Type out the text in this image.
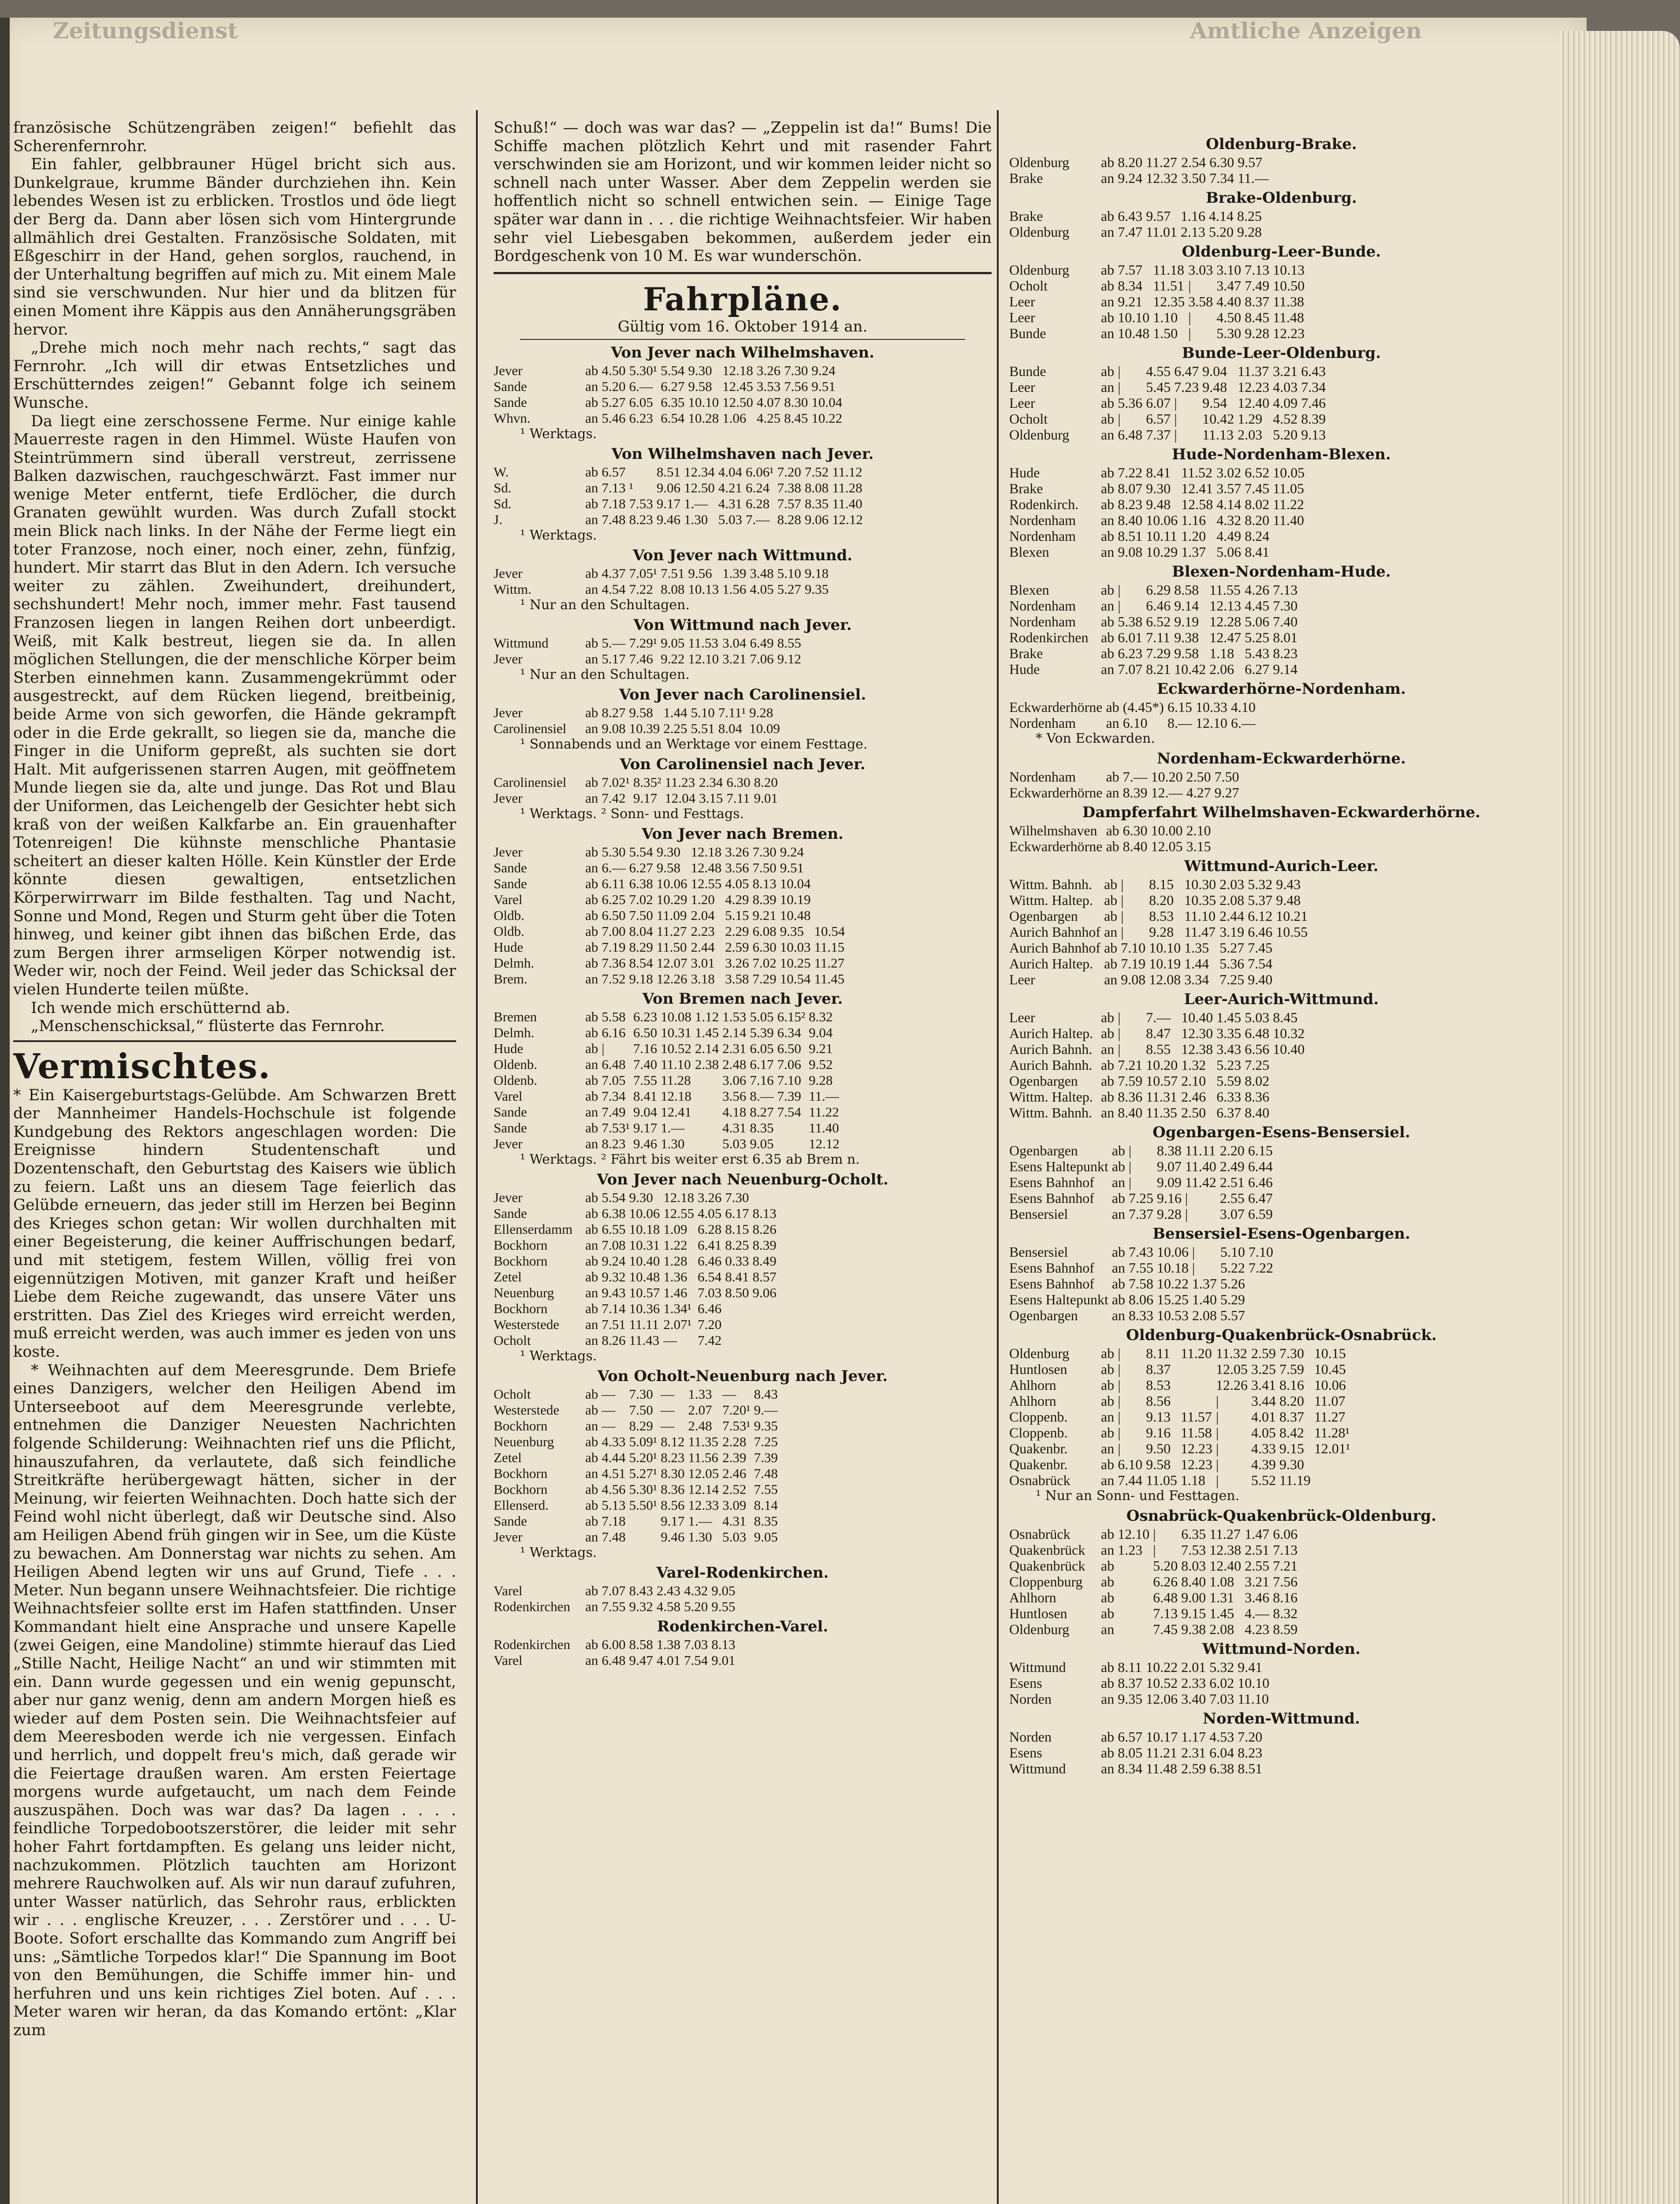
Zeitungsdienst	Amtliche Anzeigen

französische Schützengräben zeigen!“ befiehlt das Scherenfernrohr.

Ein fahler, gelbbrauner Hügel bricht sich aus. Dunkelgraue, krumme Bänder durchziehen ihn. Kein lebendes Wesen ist zu erblicken. Trostlos und öde liegt der Berg da. Dann aber lösen sich vom Hintergrunde allmählich drei Gestalten. Französische Soldaten, mit Eßgeschirr in der Hand, gehen sorglos, rauchend, in der Unterhaltung begriffen auf mich zu. Mit einem Male sind sie verschwunden. Nur hier und da blitzen für einen Moment ihre Käppis aus den Annäherungsgräben hervor.

„Drehe mich noch mehr nach rechts,“ sagt das Fernrohr. „Ich will dir etwas Entsetzliches und Erschütterndes zeigen!“ Gebannt folge ich seinem Wunsche.

Da liegt eine zerschossene Ferme. Nur einige kahle Mauerreste ragen in den Himmel. Wüste Haufen von Steintrümmern sind überall verstreut, zerrissene Balken dazwischen, rauchgeschwärzt. Fast immer nur wenige Meter entfernt, tiefe Erdlöcher, die durch Granaten gewühlt wurden. Was durch Zufall stockt mein Blick nach links. In der Nähe der Ferme liegt ein toter Franzose, noch einer, noch einer, zehn, fünfzig, hundert. Mir starrt das Blut in den Adern. Ich versuche weiter zu zählen. Zweihundert, dreihundert, sechshundert! Mehr noch, immer mehr. Fast tausend Franzosen liegen in langen Reihen dort unbeerdigt. Weiß, mit Kalk bestreut, liegen sie da. In allen möglichen Stellungen, die der menschliche Körper beim Sterben einnehmen kann. Zusammengekrümmt oder ausgestreckt, auf dem Rücken liegend, breitbeinig, beide Arme von sich geworfen, die Hände gekrampft oder in die Erde gekrallt, so liegen sie da, manche die Finger in die Uniform gepreßt, als suchten sie dort Halt. Mit aufgerissenen starren Augen, mit geöffnetem Munde liegen sie da, alte und junge. Das Rot und Blau der Uniformen, das Leichengelb der Gesichter hebt sich kraß von der weißen Kalkfarbe an. Ein grauenhafter Totenreigen! Die kühnste menschliche Phantasie scheitert an dieser kalten Hölle. Kein Künstler der Erde könnte diesen gewaltigen, entsetzlichen Körperwirrwarr im Bilde festhalten. Tag und Nacht, Sonne und Mond, Regen und Sturm geht über die Toten hinweg, und keiner gibt ihnen das bißchen Erde, das zum Bergen ihrer armseligen Körper notwendig ist. Weder wir, noch der Feind. Weil jeder das Schicksal der vielen Hunderte teilen müßte.

Ich wende mich erschütternd ab.

„Menschenschicksal,“ flüsterte das Fernrohr.

Vermischtes.

* Ein Kaisergeburtstags-Gelübde. Am Schwarzen Brett der Mannheimer Handels-Hochschule ist folgende Kundgebung des Rektors angeschlagen worden: Die Ereignisse hindern Studentenschaft und Dozentenschaft, den Geburtstag des Kaisers wie üblich zu feiern. Laßt uns an diesem Tage feierlich das Gelübde erneuern, das jeder still im Herzen bei Beginn des Krieges schon getan: Wir wollen durchhalten mit einer Begeisterung, die keiner Auffrischungen bedarf, und mit stetigem, festem Willen, völlig frei von eigennützigen Motiven, mit ganzer Kraft und heißer Liebe dem Reiche zugewandt, das unsere Väter uns erstritten. Das Ziel des Krieges wird erreicht werden, muß erreicht werden, was auch immer es jeden von uns koste.

* Weihnachten auf dem Meeresgrunde. Dem Briefe eines Danzigers, welcher den Heiligen Abend im Unterseeboot auf dem Meeresgrunde verlebte, entnehmen die Danziger Neuesten Nachrichten folgende Schilderung: Weihnachten rief uns die Pflicht, hinauszufahren, da verlautete, daß sich feindliche Streitkräfte herübergewagt hätten, sicher in der Meinung, wir feierten Weihnachten. Doch hatte sich der Feind wohl nicht überlegt, daß wir Deutsche sind. Also am Heiligen Abend früh gingen wir in See, um die Küste zu bewachen. Am Donnerstag war nichts zu sehen. Am Heiligen Abend legten wir uns auf Grund, Tiefe . . . Meter. Nun begann unsere Weihnachtsfeier. Die richtige Weihnachtsfeier sollte erst im Hafen stattfinden. Unser Kommandant hielt eine Ansprache und unsere Kapelle (zwei Geigen, eine Mandoline) stimmte hierauf das Lied „Stille Nacht, Heilige Nacht“ an und wir stimmten mit ein. Dann wurde gegessen und ein wenig gepunscht, aber nur ganz wenig, denn am andern Morgen hieß es wieder auf dem Posten sein. Die Weihnachtsfeier auf dem Meeresboden werde ich nie vergessen. Einfach und herrlich, und doppelt freu's mich, daß gerade wir die Feiertage draußen waren. Am ersten Feiertage morgens wurde aufgetaucht, um nach dem Feinde auszuspähen. Doch was war das? Da lagen . . . . feindliche Torpedobootszerstörer, die leider mit sehr hoher Fahrt fortdampften. Es gelang uns leider nicht, nachzukommen. Plötzlich tauchten am Horizont mehrere Rauchwolken auf. Als wir nun darauf zufuhren, unter Wasser natürlich, das Sehrohr raus, erblickten wir . . . englische Kreuzer, . . . Zerstörer und . . . U-Boote. Sofort erschallte das Kommando zum Angriff bei uns: „Sämtliche Torpedos klar!“ Die Spannung im Boot von den Bemühungen, die Schiffe immer hin- und herfuhren und uns kein richtiges Ziel boten. Auf . . . Meter waren wir heran, da das Komando ertönt: „Klar zum

Schuß!“ — doch was war das? — „Zeppelin ist da!“ Bums! Die Schiffe machen plötzlich Kehrt und mit rasender Fahrt verschwinden sie am Horizont, und wir kommen leider nicht so schnell nach unter Wasser. Aber dem Zeppelin werden sie hoffentlich nicht so schnell entwichen sein. — Einige Tage später war dann in . . . die richtige Weihnachtsfeier. Wir haben sehr viel Liebesgaben bekommen, außerdem jeder ein Bordgeschenk von 10 M. Es war wunderschön.

Fahrpläne.
Gültig vom 16. Oktober 1914 an.
Von Jever nach Wilhelmshaven.
Jever	ab	4.50	5.30¹	5.54	9.30	12.18	3.26	7.30	9.24
Sande	an	5.20	6.—	6.27	9.58	12.45	3.53	7.56	9.51
Sande	ab	5.27	6.05	6.35	10.10	12.50	4.07	8.30	10.04
Whvn.	an	5.46	6.23	6.54	10.28	1.06	4.25	8.45	10.22
¹ Werktags.
Von Wilhelmshaven nach Jever.
W.	ab	6.57		8.51	12.34	4.04	6.06¹	7.20	7.52	11.12
Sd.	an	7.13	¹	9.06	12.50	4.21	6.24	7.38	8.08	11.28
Sd.	ab	7.18	7.53	9.17	1.—	4.31	6.28	7.57	8.35	11.40
J.	an	7.48	8.23	9.46	1.30	5.03	7.—	8.28	9.06	12.12
¹ Werktags.
Von Jever nach Wittmund.
Jever	ab	4.37	7.05¹	7.51	9.56	1.39	3.48	5.10	9.18
Wittm.	an	4.54	7.22	8.08	10.13	1.56	4.05	5.27	9.35
¹ Nur an den Schultagen.
Von Wittmund nach Jever.
Wittmund	ab	5.—	7.29¹	9.05	11.53	3.04	6.49	8.55
Jever	an	5.17	7.46	9.22	12.10	3.21	7.06	9.12
¹ Nur an den Schultagen.
Von Jever nach Carolinensiel.
Jever	ab	8.27	9.58	1.44	5.10	7.11¹	9.28
Carolinensiel	an	9.08	10.39	2.25	5.51	8.04	10.09
¹ Sonnabends und an Werktage vor einem Festtage.
Von Carolinensiel nach Jever.
Carolinensiel	ab	7.02¹	8.35²	11.23	2.34	6.30	8.20
Jever	an	7.42	9.17	12.04	3.15	7.11	9.01
¹ Werktags. ² Sonn- und Festtags.
Von Jever nach Bremen.
Jever	ab	5.30	5.54	9.30	12.18	3.26	7.30	9.24	
Sande	an	6.—	6.27	9.58	12.48	3.56	7.50	9.51	
Sande	ab	6.11	6.38	10.06	12.55	4.05	8.13	10.04	
Varel	ab	6.25	7.02	10.29	1.20	4.29	8.39	10.19	
Oldb.	ab	6.50	7.50	11.09	2.04	5.15	9.21	10.48	
Oldb.	ab	7.00	8.04	11.27	2.23	2.29	6.08	9.35	10.54
Hude	ab	7.19	8.29	11.50	2.44	2.59	6.30	10.03	11.15
Delmh.	ab	7.36	8.54	12.07	3.01	3.26	7.02	10.25	11.27
Brem.	an	7.52	9.18	12.26	3.18	3.58	7.29	10.54	11.45
Von Bremen nach Jever.
Bremen	ab	5.58	6.23	10.08	1.12	1.53	5.05	6.15²	8.32
Delmh.	ab	6.16	6.50	10.31	1.45	2.14	5.39	6.34	9.04
Hude	ab	|	7.16	10.52	2.14	2.31	6.05	6.50	9.21
Oldenb.	an	6.48	7.40	11.10	2.38	2.48	6.17	7.06	9.52
Oldenb.	ab	7.05	7.55	11.28		3.06	7.16	7.10	9.28
Varel	ab	7.34	8.41	12.18		3.56	8.—	7.39	11.—
Sande	an	7.49	9.04	12.41		4.18	8.27	7.54	11.22
Sande	ab	7.53¹	9.17	1.—		4.31	8.35		11.40
Jever	an	8.23	9.46	1.30		5.03	9.05		12.12
¹ Werktags. ² Fährt bis weiter erst 6.35 ab Brem n.
Von Jever nach Neuenburg-Ocholt.
Jever	ab	5.54	9.30	12.18	3.26	7.30	
Sande	ab	6.38	10.06	12.55	4.05	6.17	8.13
Ellenserdamm	ab	6.55	10.18	1.09	6.28	8.15	8.26
Bockhorn	an	7.08	10.31	1.22	6.41	8.25	8.39

Bockhorn	ab	9.24	10.40	1.28	6.46	0.33	8.49
Zetel	ab	9.32	10.48	1.36	6.54	8.41	8.57
Neuenburg	an	9.43	10.57	1.46	7.03	8.50	9.06

Bockhorn	ab	7.14	10.36	1.34¹	6.46		
Westerstede	an	7.51	11.11	2.07¹	7.20		
Ocholt	an	8.26	11.43	—	7.42		
¹ Werktags.
Von Ocholt-Neuenburg nach Jever.
Ocholt	ab	—	7.30	—	1.33	—	8.43
Westerstede	ab	—	7.50	—	2.07	7.20¹	9.—
Bockhorn	an	—	8.29	—	2.48	7.53¹	9.35

Neuenburg	ab	4.33	5.09¹	8.12	11.35	2.28	7.25
Zetel	ab	4.44	5.20¹	8.23	11.56	2.39	7.39
Bockhorn	an	4.51	5.27¹	8.30	12.05	2.46	7.48

Bockhorn	ab	4.56	5.30¹	8.36	12.14	2.52	7.55
Ellenserd.	ab	5.13	5.50¹	8.56	12.33	3.09	8.14
Sande	ab	7.18		9.17	1.—	4.31	8.35
Jever	an	7.48		9.46	1.30	5.03	9.05
¹ Werktags.
Varel-Rodenkirchen.
Varel	ab	7.07	8.43	2.43	4.32	9.05
Rodenkirchen	an	7.55	9.32	4.58	5.20	9.55
Rodenkirchen-Varel.
Rodenkirchen	ab	6.00	8.58	1.38	7.03	8.13
Varel	an	6.48	9.47	4.01	7.54	9.01
Oldenburg-Brake.
Oldenburg	ab	8.20	11.27	2.54	6.30	9.57
Brake	an	9.24	12.32	3.50	7.34	11.—
Brake-Oldenburg.
Brake	ab	6.43	9.57	1.16	4.14	8.25
Oldenburg	an	7.47	11.01	2.13	5.20	9.28
Oldenburg-Leer-Bunde.
Oldenburg	ab	7.57	11.18	3.03	3.10	7.13	10.13
Ocholt	ab	8.34	11.51	|	3.47	7.49	10.50
Leer	an	9.21	12.35	3.58	4.40	8.37	11.38
Leer	ab	10.10	1.10	|	4.50	8.45	11.48
Bunde	an	10.48	1.50	|	5.30	9.28	12.23
Bunde-Leer-Oldenburg.
Bunde	ab	|	4.55	6.47	9.04	11.37	3.21	6.43
Leer	an	|	5.45	7.23	9.48	12.23	4.03	7.34
Leer	ab	5.36	6.07	|	9.54	12.40	4.09	7.46
Ocholt	ab	|	6.57	|	10.42	1.29	4.52	8.39
Oldenburg	an	6.48	7.37	|	11.13	2.03	5.20	9.13
Hude-Nordenham-Blexen.
Hude	ab	7.22	8.41	11.52	3.02	6.52	10.05
Brake	ab	8.07	9.30	12.41	3.57	7.45	11.05
Rodenkirch.	ab	8.23	9.48	12.58	4.14	8.02	11.22
Nordenham	an	8.40	10.06	1.16	4.32	8.20	11.40
Nordenham	ab	8.51	10.11	1.20	4.49	8.24	
Blexen	an	9.08	10.29	1.37	5.06	8.41	
Blexen-Nordenham-Hude.
Blexen	ab	|	6.29	8.58	11.55	4.26	7.13
Nordenham	an	|	6.46	9.14	12.13	4.45	7.30
Nordenham	ab	5.38	6.52	9.19	12.28	5.06	7.40
Rodenkirchen	ab	6.01	7.11	9.38	12.47	5.25	8.01
Brake	ab	6.23	7.29	9.58	1.18	5.43	8.23
Hude	an	7.07	8.21	10.42	2.06	6.27	9.14
Eckwarderhörne-Nordenham.
Eckwarderhörne	ab	(4.45*)	6.15	10.33	4.10
Nordenham	an	6.10	8.—	12.10	6.—
* Von Eckwarden.
Nordenham-Eckwarderhörne.
Nordenham	ab	7.—	10.20	2.50	7.50
Eckwarderhörne	an	8.39	12.—	4.27	9.27
Dampferfahrt Wilhelmshaven-Eckwarderhörne.
Wilhelmshaven	ab	6.30	10.00	2.10
Eckwarderhörne	ab	8.40	12.05	3.15
Wittmund-Aurich-Leer.
Wittm. Bahnh.	ab	|	8.15	10.30	2.03	5.32	9.43
Wittm. Haltep.	ab	|	8.20	10.35	2.08	5.37	9.48
Ogenbargen	ab	|	8.53	11.10	2.44	6.12	10.21
Aurich Bahnhof	an	|	9.28	11.47	3.19	6.46	10.55
Aurich Bahnhof	ab	7.10	10.10	1.35	5.27	7.45	
Aurich Haltep.	ab	7.19	10.19	1.44	5.36	7.54	
Leer	an	9.08	12.08	3.34	7.25	9.40	
Leer-Aurich-Wittmund.
Leer	ab	|	7.—	10.40	1.45	5.03	8.45
Aurich Haltep.	ab	|	8.47	12.30	3.35	6.48	10.32
Aurich Bahnh.	an	|	8.55	12.38	3.43	6.56	10.40
Aurich Bahnh.	ab	7.21	10.20	1.32	5.23	7.25	
Ogenbargen	ab	7.59	10.57	2.10	5.59	8.02	
Wittm. Haltep.	ab	8.36	11.31	2.46	6.33	8.36	
Wittm. Bahnh.	an	8.40	11.35	2.50	6.37	8.40	
Ogenbargen-Esens-Bensersiel.
Ogenbargen	ab	|	8.38	11.11	2.20	6.15
Esens Haltepunkt	ab	|	9.07	11.40	2.49	6.44
Esens Bahnhof	an	|	9.09	11.42	2.51	6.46
Esens Bahnhof	ab	7.25	9.16	|	2.55	6.47
Bensersiel	an	7.37	9.28	|	3.07	6.59
Bensersiel-Esens-Ogenbargen.
Bensersiel	ab	7.43	10.06	|	5.10	7.10
Esens Bahnhof	an	7.55	10.18	|	5.22	7.22
Esens Bahnhof	ab	7.58	10.22	1.37	5.26	
Esens Haltepunkt	ab	8.06	15.25	1.40	5.29	
Ogenbargen	an	8.33	10.53	2.08	5.57	
Oldenburg-Quakenbrück-Osnabrück.
Oldenburg	ab	|	8.11	11.20	11.32	2.59	7.30	10.15
Huntlosen	ab	|	8.37		12.05	3.25	7.59	10.45
Ahlhorn	ab	|	8.53		12.26	3.41	8.16	10.06
Ahlhorn	ab	|	8.56		|	3.44	8.20	11.07
Cloppenb.	an	|	9.13	11.57	|	4.01	8.37	11.27
Cloppenb.	ab	|	9.16	11.58	|	4.05	8.42	11.28¹
Quakenbr.	an	|	9.50	12.23	|	4.33	9.15	12.01¹
Quakenbr.	ab	6.10	9.58	12.23	|	4.39	9.30	
Osnabrück	an	7.44	11.05	1.18	|	5.52	11.19	
¹ Nur an Sonn- und Festtagen.
Osnabrück-Quakenbrück-Oldenburg.
Osnabrück	ab	12.10	|	6.35	11.27	1.47	6.06
Quakenbrück	an	1.23	|	7.53	12.38	2.51	7.13
Quakenbrück	ab		5.20	8.03	12.40	2.55	7.21
Cloppenburg	ab		6.26	8.40	1.08	3.21	7.56
Ahlhorn	ab		6.48	9.00	1.31	3.46	8.16
Huntlosen	ab		7.13	9.15	1.45	4.—	8.32
Oldenburg	an		7.45	9.38	2.08	4.23	8.59
Wittmund-Norden.
Wittmund	ab	8.11	10.22	2.01	5.32	9.41
Esens	ab	8.37	10.52	2.33	6.02	10.10
Norden	an	9.35	12.06	3.40	7.03	11.10
Norden-Wittmund.
Norden	ab	6.57	10.17	1.17	4.53	7.20
Esens	ab	8.05	11.21	2.31	6.04	8.23
Wittmund	an	8.34	11.48	2.59	6.38	8.51
